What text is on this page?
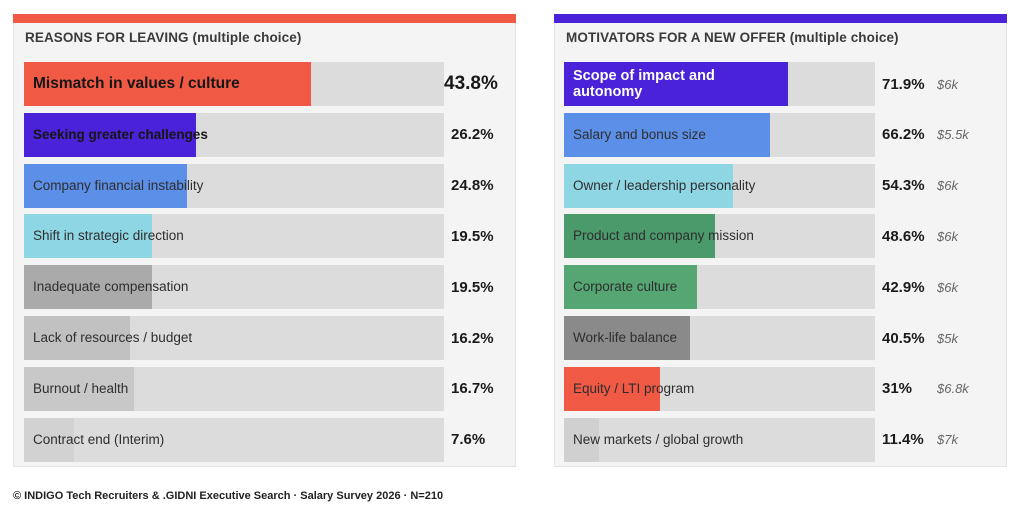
REASONS FOR LEAVING (multiple choice)
Mismatch in values / culture	43.8%
Seeking greater challenges	26.2%
Company financial instability	24.8%
Shift in strategic direction	19.5%
Inadequate compensation	19.5%
Lack of resources / budget	16.2%
Burnout / health	16.7%
Contract end (Interim)	7.6%
MOTIVATORS FOR A NEW OFFER (multiple choice)
Scope of impact and autonomy	71.9% $6k
Salary and bonus size	66.2% $5.5k
Owner / leadership personality	54.3% $6k
Product and company mission	48.6% $6k
Corporate culture	42.9% $6k
Work-life balance	40.5% $5k
Equity / LTI program	31% $6.8k
New markets / global growth	11.4% $7k
© INDIGO Tech Recruiters & .GIDNI Executive Search · Salary Survey 2026 · N=210
